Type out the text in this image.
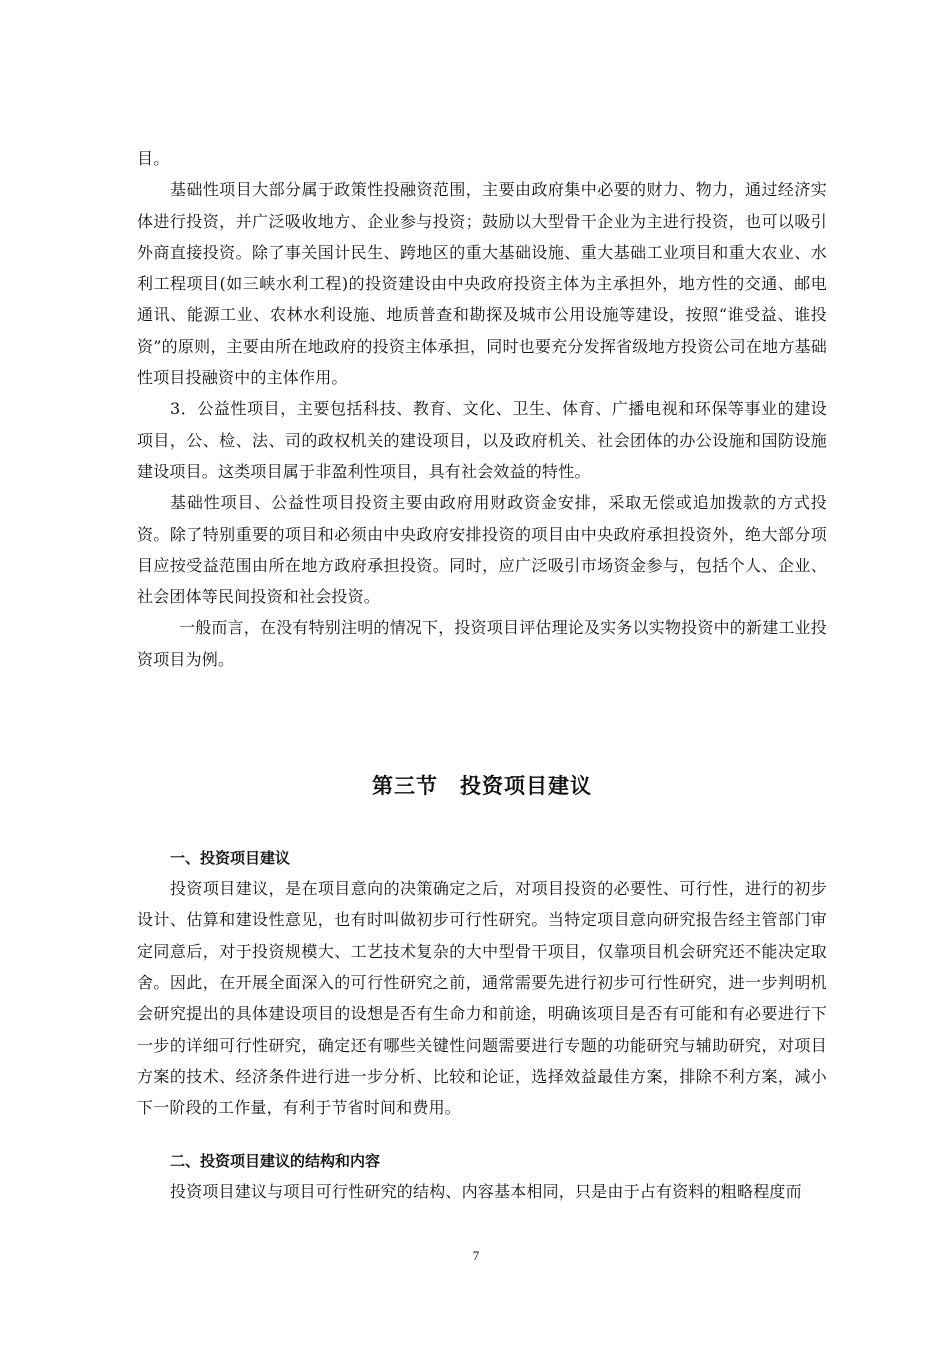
目。

基础性项目大部分属于政策性投融资范围，主要由政府集中必要的财力、物力，通过经济实体进行投资，并广泛吸收地方、企业参与投资；鼓励以大型骨干企业为主进行投资，也可以吸引外商直接投资。除了事关国计民生、跨地区的重大基础设施、重大基础工业项目和重大农业、水利工程项目(如三峡水利工程)的投资建设由中央政府投资主体为主承担外，地方性的交通、邮电通讯、能源工业、农林水利设施、地质普查和勘探及城市公用设施等建设，按照“谁受益、谁投资”的原则，主要由所在地政府的投资主体承担，同时也要充分发挥省级地方投资公司在地方基础性项目投融资中的主体作用。

3．公益性项目，主要包括科技、教育、文化、卫生、体育、广播电视和环保等事业的建设项目，公、检、法、司的政权机关的建设项目，以及政府机关、社会团体的办公设施和国防设施建设项目。这类项目属于非盈利性项目，具有社会效益的特性。

基础性项目、公益性项目投资主要由政府用财政资金安排，采取无偿或追加拨款的方式投资。除了特别重要的项目和必须由中央政府安排投资的项目由中央政府承担投资外，绝大部分项目应按受益范围由所在地方政府承担投资。同时，应广泛吸引市场资金参与，包括个人、企业、社会团体等民间投资和社会投资。

一般而言，在没有特别注明的情况下，投资项目评估理论及实务以实物投资中的新建工业投资项目为例。

第三节 投资项目建议
一、投资项目建议

投资项目建议，是在项目意向的决策确定之后，对项目投资的必要性、可行性，进行的初步设计、估算和建设性意见，也有时叫做初步可行性研究。当特定项目意向研究报告经主管部门审定同意后，对于投资规模大、工艺技术复杂的大中型骨干项目，仅靠项目机会研究还不能决定取舍。因此，在开展全面深入的可行性研究之前，通常需要先进行初步可行性研究，进一步判明机会研究提出的具体建设项目的设想是否有生命力和前途，明确该项目是否有可能和有必要进行下一步的详细可行性研究，确定还有哪些关键性问题需要进行专题的功能研究与辅助研究，对项目方案的技术、经济条件进行进一步分析、比较和论证，选择效益最佳方案，排除不利方案，减小下一阶段的工作量，有利于节省时间和费用。

二、投资项目建议的结构和内容

投资项目建议与项目可行性研究的结构、内容基本相同，只是由于占有资料的粗略程度而

7
